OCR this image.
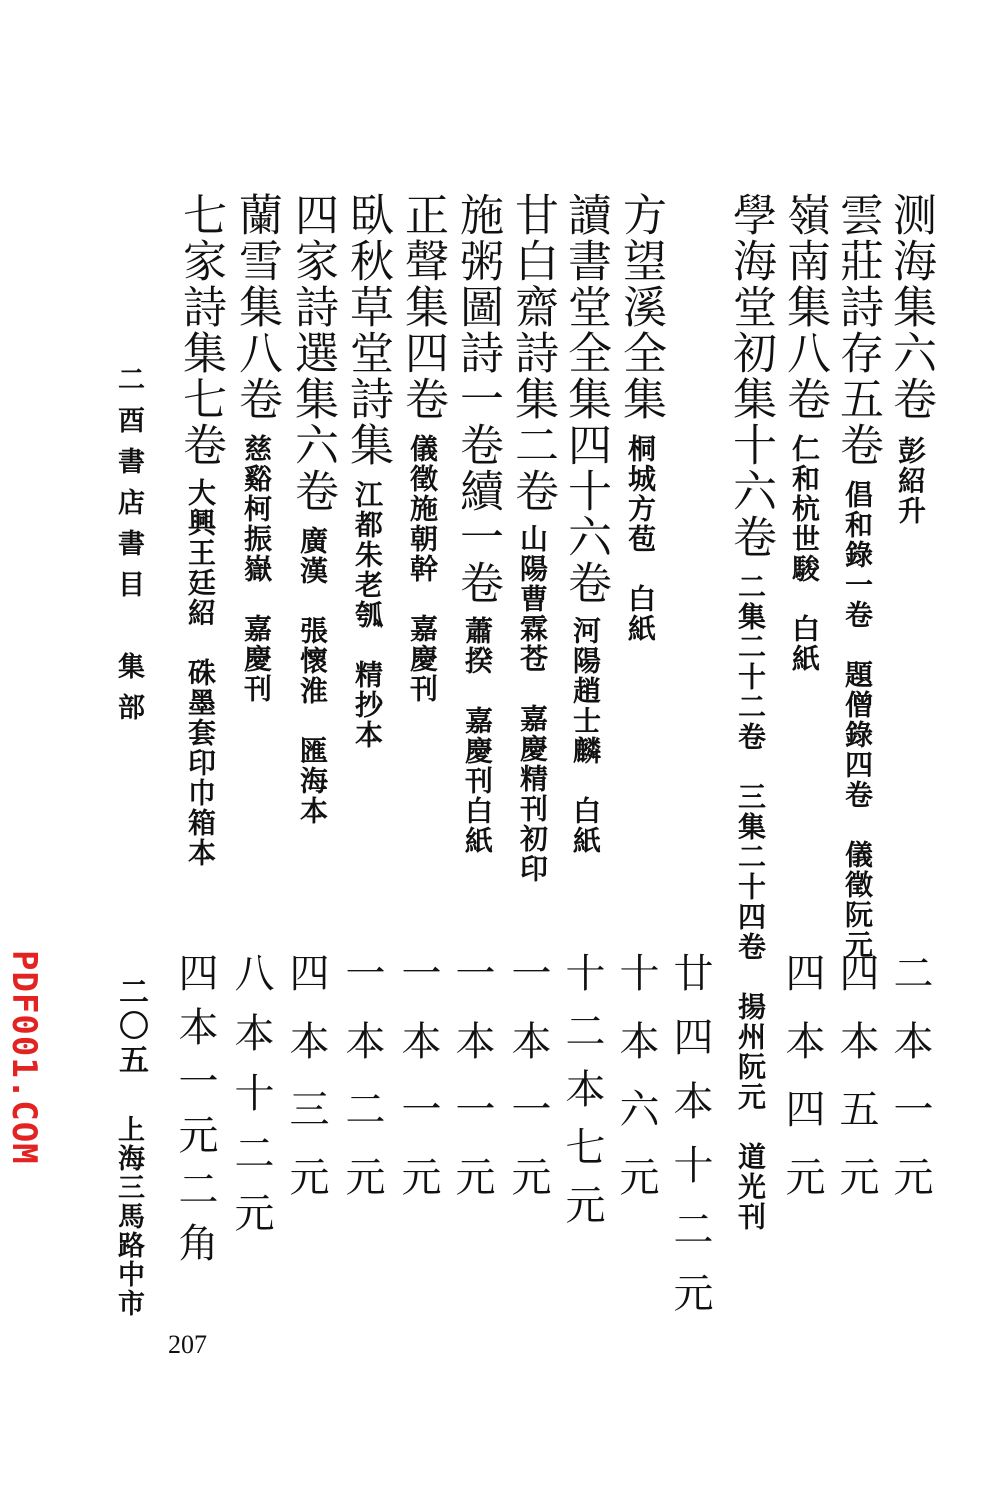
测海集六卷彭紹升
二本一元
雲莊詩存五卷倡和錄一卷　題僧錄四卷　儀徵阮元
四本五元
嶺南集八卷仁和杭世駿　白紙
四本四元
學海堂初集十六卷二集二十二卷　三集二十四卷　揚州阮元　道光刊
廿四本十二元
方望溪全集桐城方苞　白紙
十本六元
讀書堂全集四十六卷河陽趙士麟　白紙
十二本七元
甘白齋詩集二卷山陽曹霖苍　嘉慶精刊初印
一本一元
施粥圖詩一卷續一卷蕭揆　嘉慶刊白紙
一本一元
正聲集四卷儀徵施朝幹　嘉慶刊
一本一元
臥秋草堂詩集江都朱老瓠　精抄本
一本二元
四家詩選集六卷廣漢　張懷淮　匯海本
四本三元
蘭雪集八卷慈谿柯振嶽　嘉慶刊
八本十二元
七家詩集七卷大興王廷紹　硃墨套印巾箱本
四本一元二角
二酉書店書目　集部
二〇五
上海三馬路中市
207
PDF001.COM
